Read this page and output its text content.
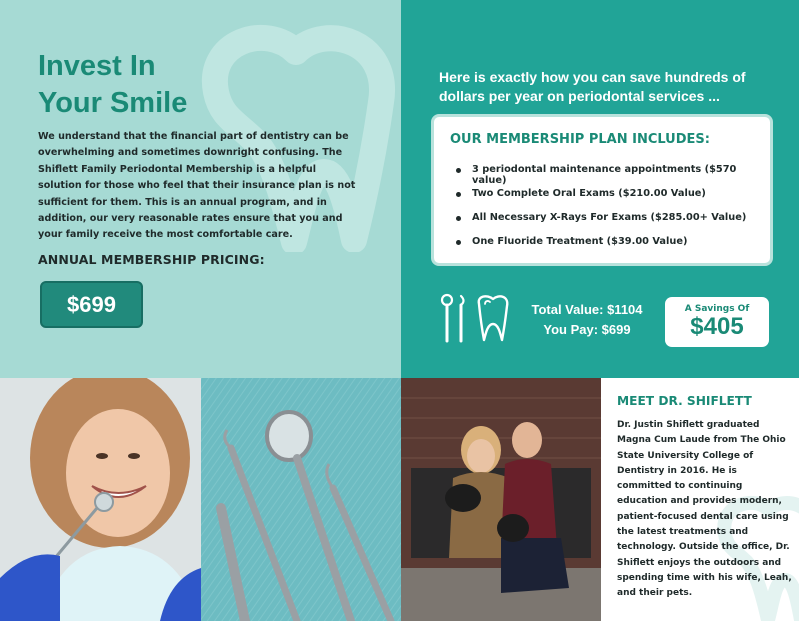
Invest In
Your Smile

We understand that the financial part of dentistry can be overwhelming and sometimes downright confusing. The Shiflett Family Periodontal Membership is a helpful solution for those who feel that their insurance plan is not sufficient for them. This is an annual program, and in addition, our very reasonable rates ensure that you and your family receive the most comfortable care.

ANNUAL MEMBERSHIP PRICING:
$699
Here is exactly how you can save hundreds of dollars per year on periodontal services ...
OUR MEMBERSHIP PLAN INCLUDES:
3 periodontal maintenance appointments ($570 value)
Two Complete Oral Exams ($210.00 Value)
All Necessary X-Rays For Exams ($285.00+ Value)
One Fluoride Treatment ($39.00 Value)
Total Value: $1104
You Pay: $699
A Savings Of
$405
MEET DR. SHIFLETT

Dr. Justin Shiflett graduated Magna Cum Laude from The Ohio State University College of Dentistry in 2016. He is committed to continuing education and provides modern, patient-focused dental care using the latest treatments and technology. Outside the office, Dr. Shiflett enjoys the outdoors and spending time with his wife, Leah, and their pets.
